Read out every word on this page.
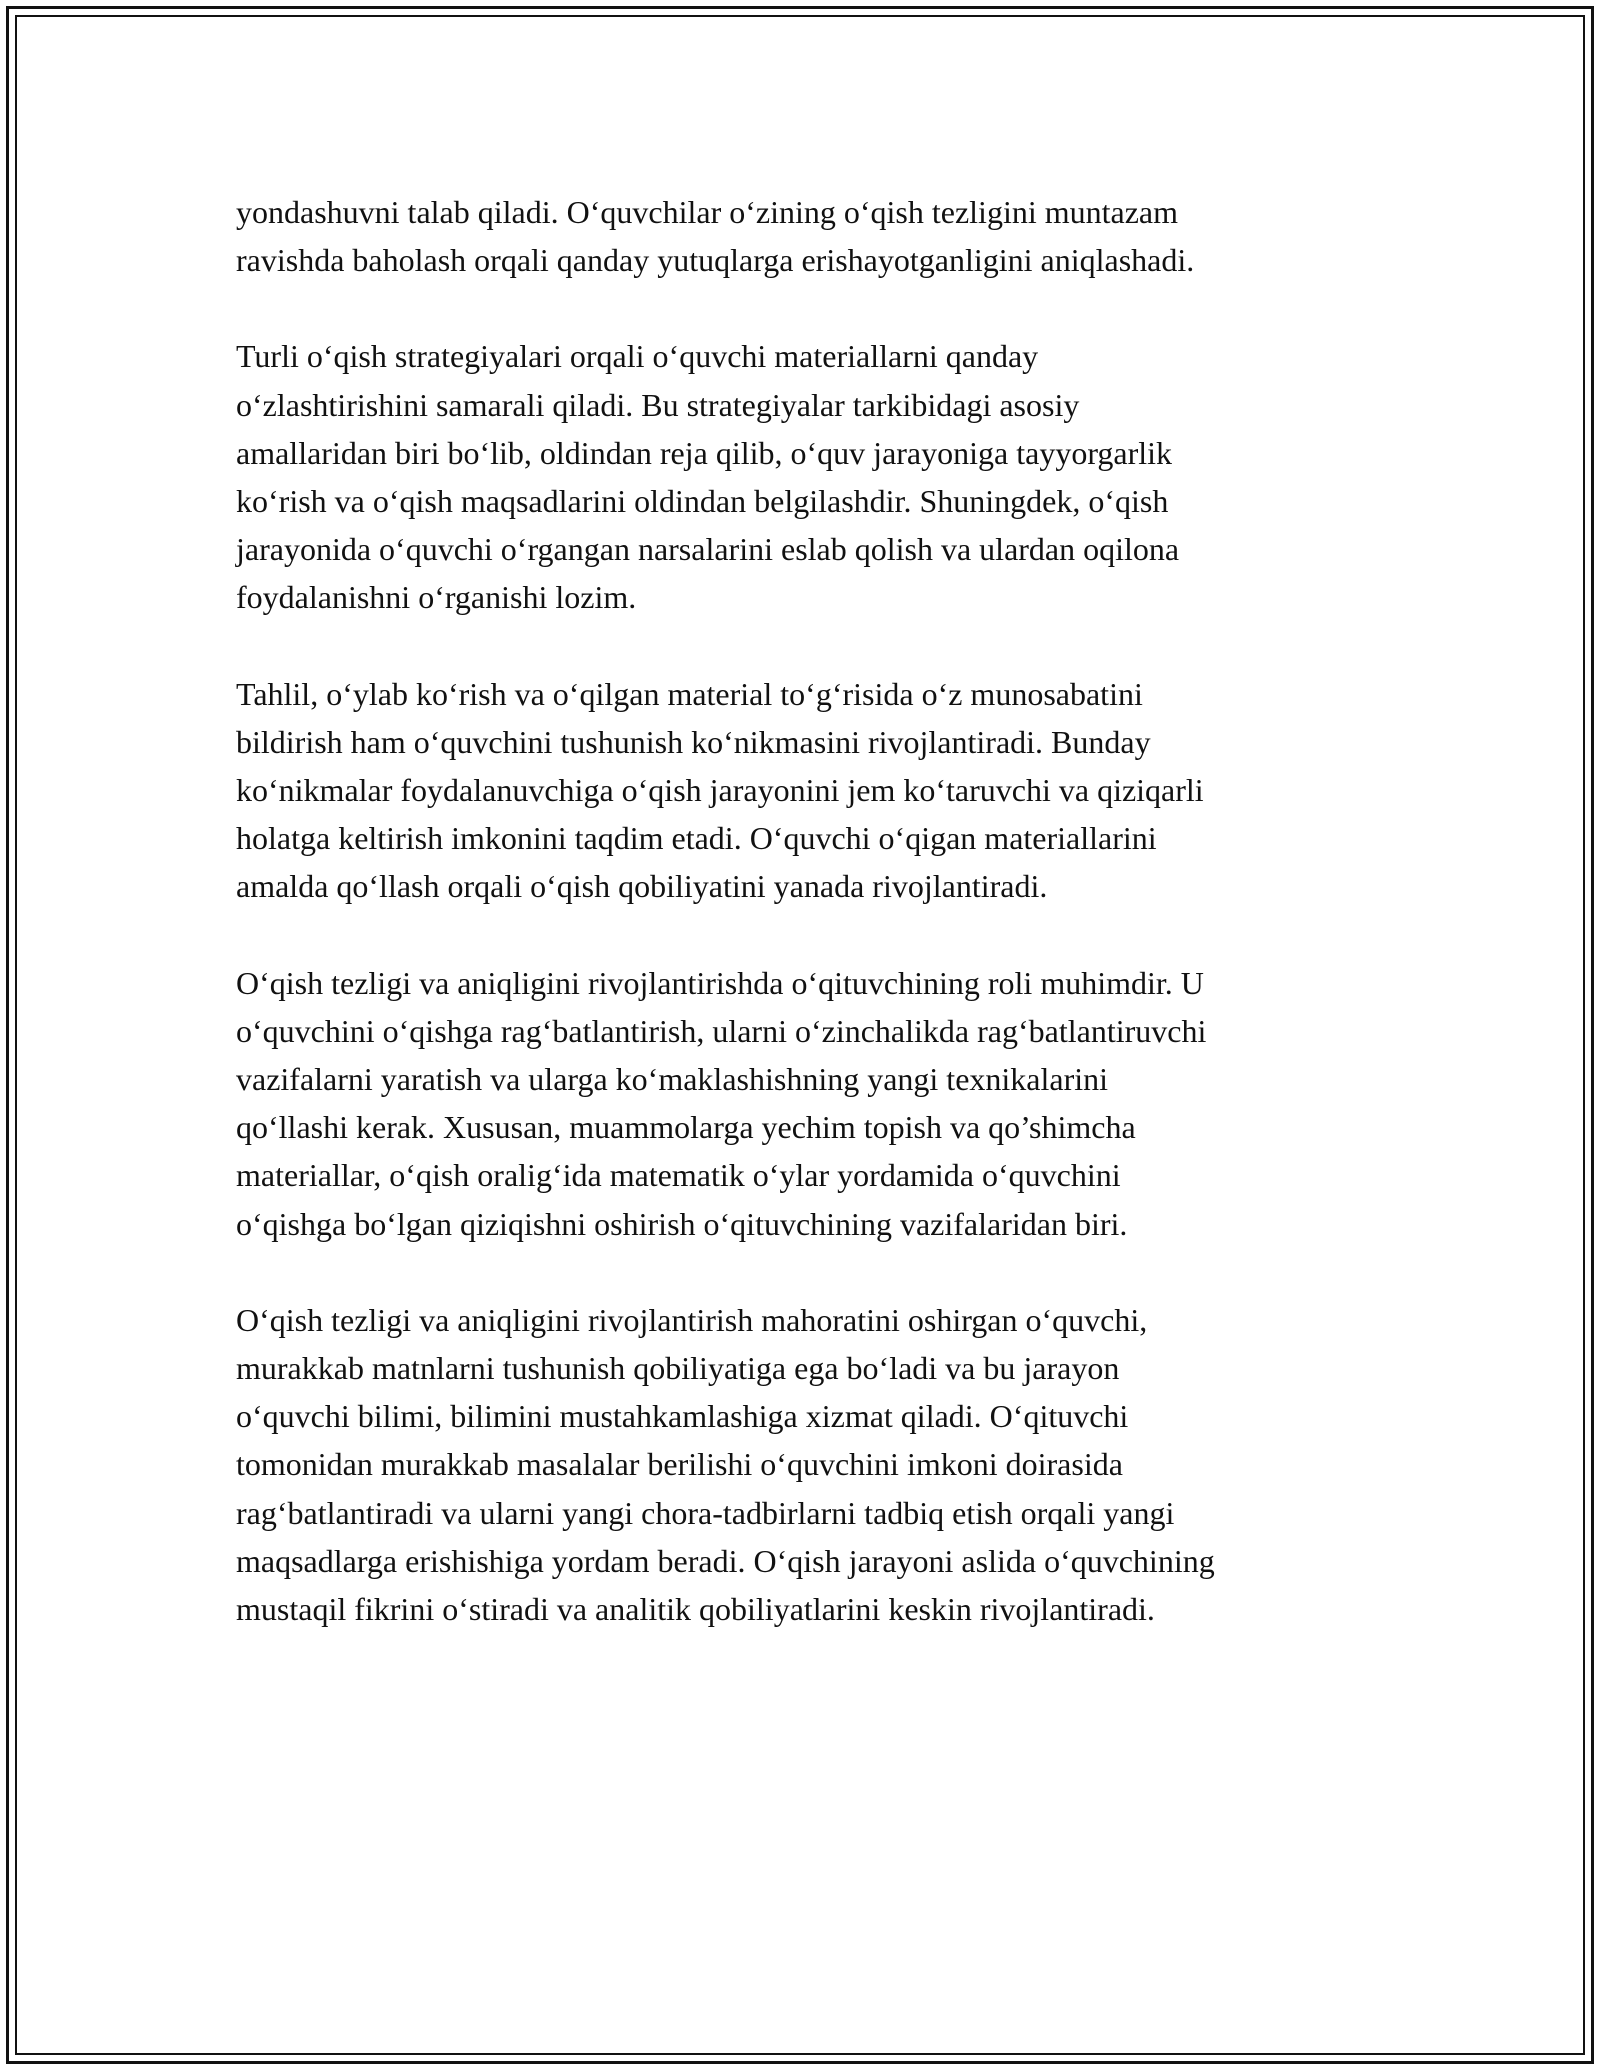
yondashuvni talab qiladi. O‘quvchilar o‘zining o‘qish tezligini muntazam
ravishda baholash orqali qanday yutuqlarga erishayotganligini aniqlashadi.

Turli o‘qish strategiyalari orqali o‘quvchi materiallarni qanday
o‘zlashtirishini samarali qiladi. Bu strategiyalar tarkibidagi asosiy
amallaridan biri bo‘lib, oldindan reja qilib, o‘quv jarayoniga tayyorgarlik
ko‘rish va o‘qish maqsadlarini oldindan belgilashdir. Shuningdek, o‘qish
jarayonida o‘quvchi o‘rgangan narsalarini eslab qolish va ulardan oqilona
foydalanishni o‘rganishi lozim.

Tahlil, o‘ylab ko‘rish va o‘qilgan material to‘g‘risida o‘z munosabatini
bildirish ham o‘quvchini tushunish ko‘nikmasini rivojlantiradi. Bunday
ko‘nikmalar foydalanuvchiga o‘qish jarayonini jem ko‘taruvchi va qiziqarli
holatga keltirish imkonini taqdim etadi. O‘quvchi o‘qigan materiallarini
amalda qo‘llash orqali o‘qish qobiliyatini yanada rivojlantiradi.

O‘qish tezligi va aniqligini rivojlantirishda o‘qituvchining roli muhimdir. U
o‘quvchini o‘qishga rag‘batlantirish, ularni o‘zinchalikda rag‘batlantiruvchi
vazifalarni yaratish va ularga ko‘maklashishning yangi texnikalarini
qo‘llashi kerak. Xususan, muammolarga yechim topish va qo’shimcha
materiallar, o‘qish oralig‘ida matematik o‘ylar yordamida o‘quvchini
o‘qishga bo‘lgan qiziqishni oshirish o‘qituvchining vazifalaridan biri.

O‘qish tezligi va aniqligini rivojlantirish mahoratini oshirgan o‘quvchi,
murakkab matnlarni tushunish qobiliyatiga ega bo‘ladi va bu jarayon
o‘quvchi bilimi, bilimini mustahkamlashiga xizmat qiladi. O‘qituvchi
tomonidan murakkab masalalar berilishi o‘quvchini imkoni doirasida
rag‘batlantiradi va ularni yangi chora-tadbirlarni tadbiq etish orqali yangi
maqsadlarga erishishiga yordam beradi. O‘qish jarayoni aslida o‘quvchining
mustaqil fikrini o‘stiradi va analitik qobiliyatlarini keskin rivojlantiradi.
